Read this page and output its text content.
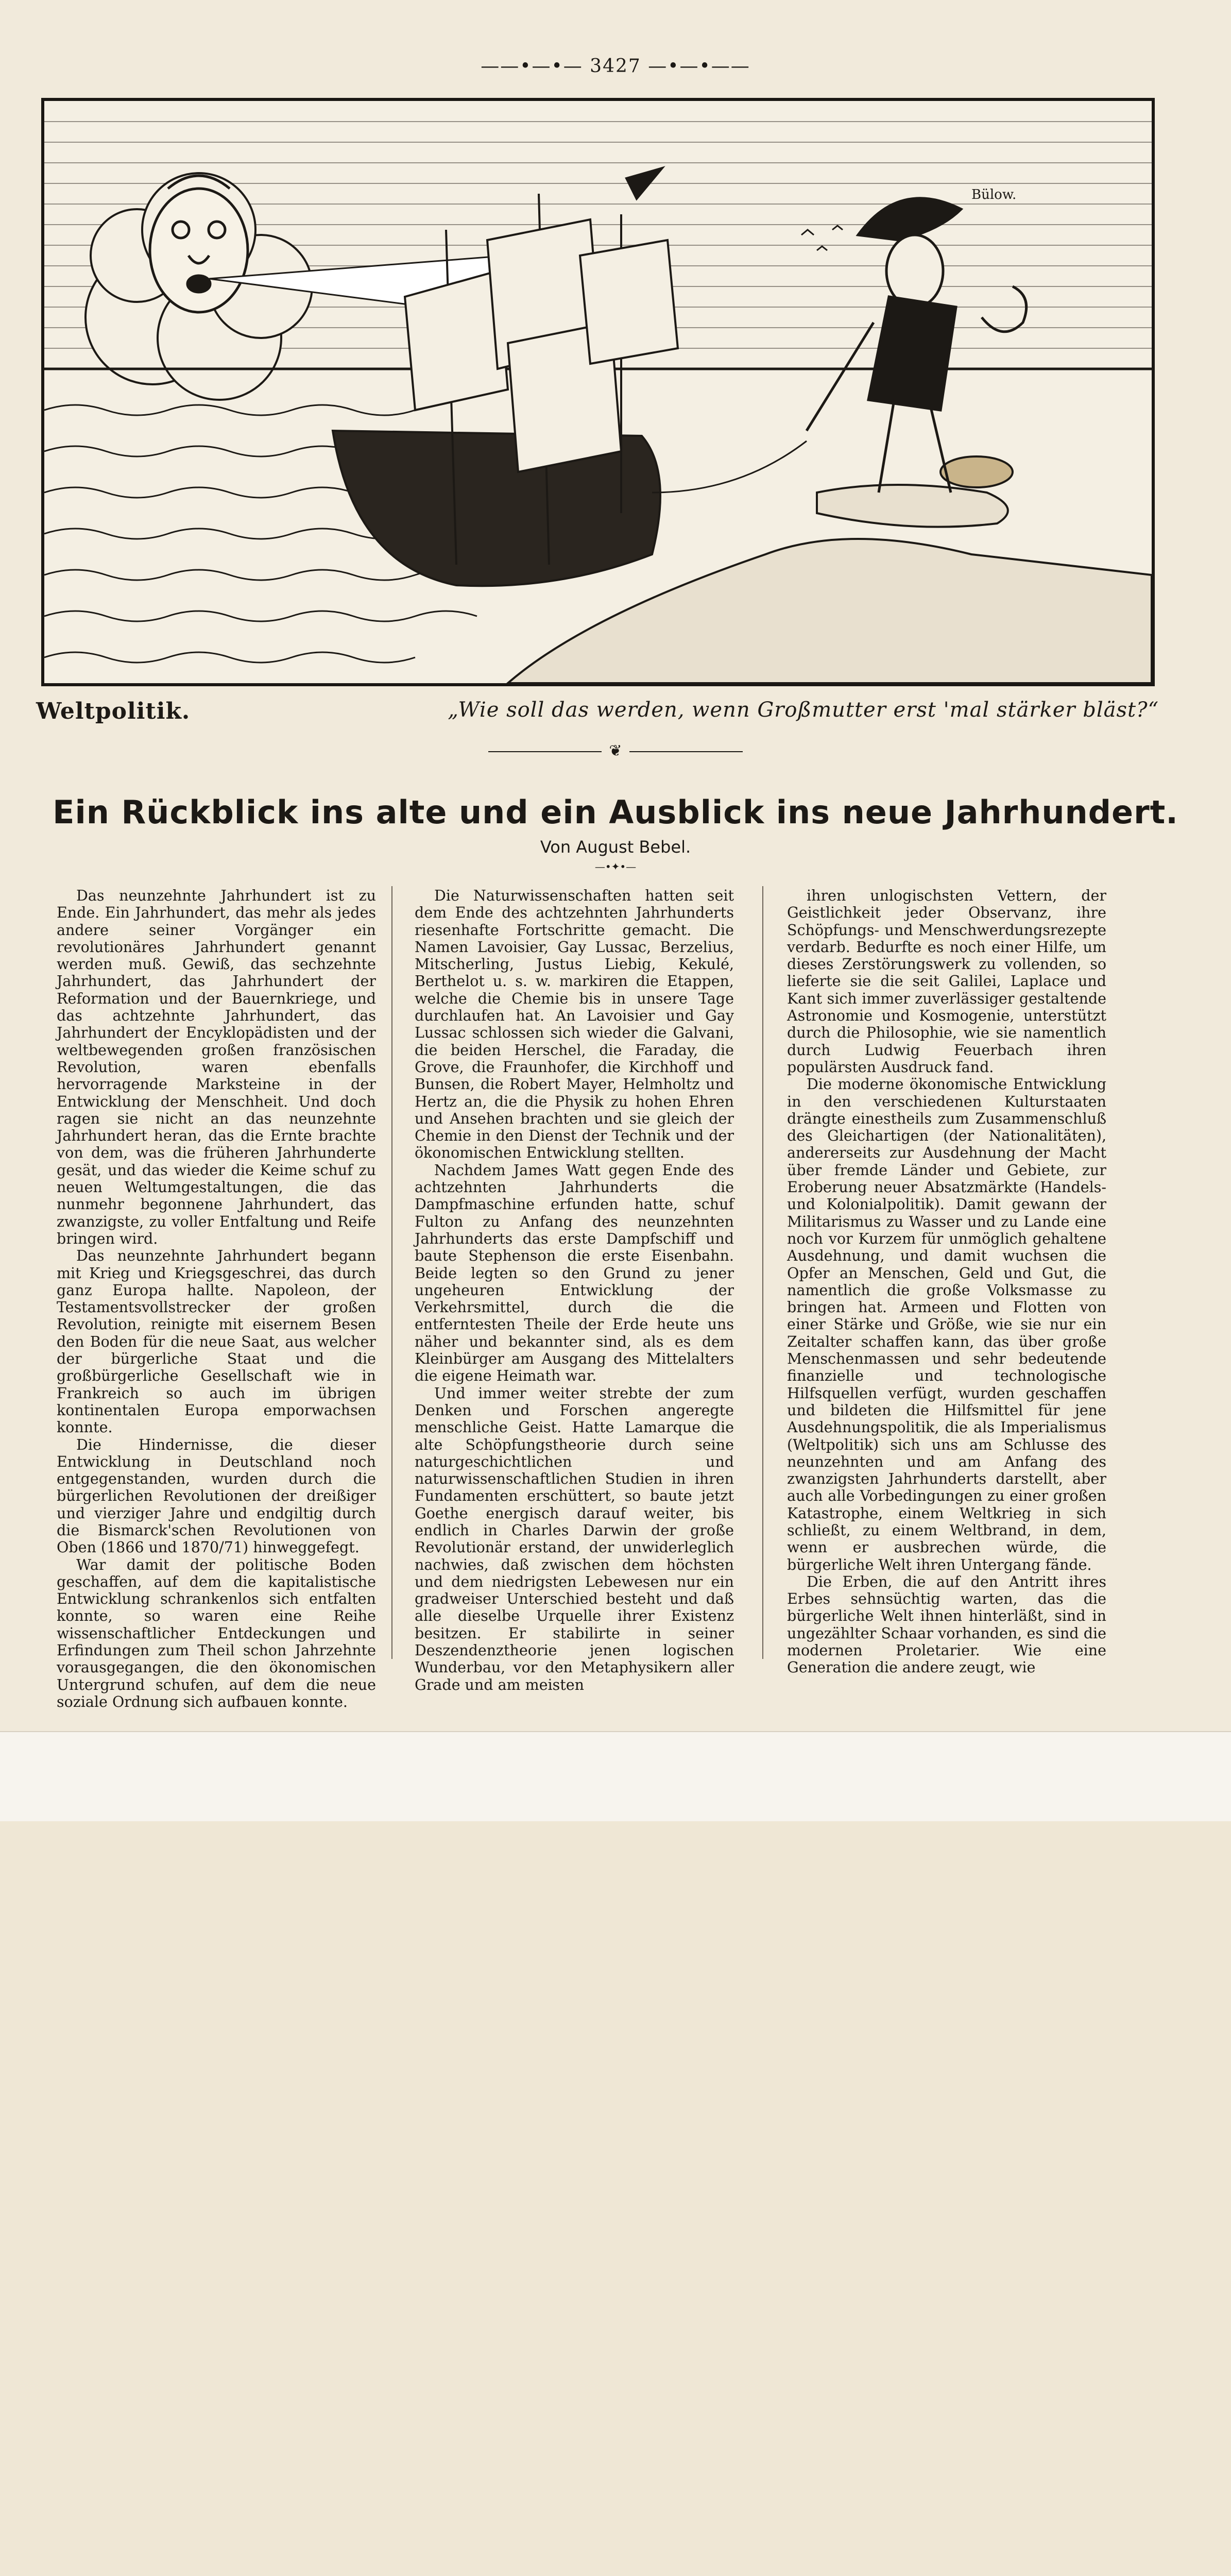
——•—•— 3427 —•—•——
Bülow.
Weltpolitik.	„Wie soll das werden, wenn Großmutter erst 'mal stärker bläst?“
❦
Ein Rückblick ins alte und ein Ausblick ins neue Jahrhundert.
Von August Bebel.
—•✦•—

Das neunzehnte Jahrhundert ist zu Ende. Ein Jahrhundert, das mehr als jedes andere seiner Vorgänger ein revolutionäres Jahrhundert genannt werden muß. Gewiß, das sechzehnte Jahrhundert, das Jahrhundert der Reformation und der Bauernkriege, und das achtzehnte Jahrhundert, das Jahrhundert der Encyklopädisten und der weltbewegenden großen französischen Revolution, waren ebenfalls hervorragende Marksteine in der Entwicklung der Menschheit. Und doch ragen sie nicht an das neunzehnte Jahrhundert heran, das die Ernte brachte von dem, was die früheren Jahrhunderte gesät, und das wieder die Keime schuf zu neuen Weltumgestaltungen, die das nunmehr begonnene Jahrhundert, das zwanzigste, zu voller Entfaltung und Reife bringen wird.

Das neunzehnte Jahrhundert begann mit Krieg und Kriegsgeschrei, das durch ganz Europa hallte. Napoleon, der Testamentsvollstrecker der großen Revolution, reinigte mit eisernem Besen den Boden für die neue Saat, aus welcher der bürgerliche Staat und die großbürgerliche Gesellschaft wie in Frankreich so auch im übrigen kontinentalen Europa emporwachsen konnte.

Die Hindernisse, die dieser Entwicklung in Deutschland noch entgegenstanden, wurden durch die bürgerlichen Revolutionen der dreißiger und vierziger Jahre und endgiltig durch die Bismarck'schen Revolutionen von Oben (1866 und 1870/71) hinweggefegt.

War damit der politische Boden geschaffen, auf dem die kapitalistische Entwicklung schrankenlos sich entfalten konnte, so waren eine Reihe wissenschaftlicher Entdeckungen und Erfindungen zum Theil schon Jahrzehnte vorausgegangen, die den ökonomischen Untergrund schufen, auf dem die neue soziale Ordnung sich aufbauen konnte.

Die Naturwissenschaften hatten seit dem Ende des achtzehnten Jahrhunderts riesenhafte Fortschritte gemacht. Die Namen Lavoisier, Gay Lussac, Berzelius, Mitscherling, Justus Liebig, Kekulé, Berthelot u. s. w. markiren die Etappen, welche die Chemie bis in unsere Tage durchlaufen hat. An Lavoisier und Gay Lussac schlossen sich wieder die Galvani, die beiden Herschel, die Faraday, die Grove, die Fraunhofer, die Kirchhoff und Bunsen, die Robert Mayer, Helmholtz und Hertz an, die die Physik zu hohen Ehren und Ansehen brachten und sie gleich der Chemie in den Dienst der Technik und der ökonomischen Entwicklung stellten.

Nachdem James Watt gegen Ende des achtzehnten Jahrhunderts die Dampfmaschine erfunden hatte, schuf Fulton zu Anfang des neunzehnten Jahrhunderts das erste Dampfschiff und baute Stephenson die erste Eisenbahn. Beide legten so den Grund zu jener ungeheuren Entwicklung der Verkehrsmittel, durch die die entferntesten Theile der Erde heute uns näher und bekannter sind, als es dem Kleinbürger am Ausgang des Mittelalters die eigene Heimath war.

Und immer weiter strebte der zum Denken und Forschen angeregte menschliche Geist. Hatte Lamarque die alte Schöpfungstheorie durch seine naturgeschichtlichen und naturwissenschaftlichen Studien in ihren Fundamenten erschüttert, so baute jetzt Goethe energisch darauf weiter, bis endlich in Charles Darwin der große Revolutionär erstand, der unwiderleglich nachwies, daß zwischen dem höchsten und dem niedrigsten Lebewesen nur ein gradweiser Unterschied besteht und daß alle dieselbe Urquelle ihrer Existenz besitzen. Er stabilirte in seiner Deszendenztheorie jenen logischen Wunderbau, vor den Metaphysikern aller Grade und am meisten

ihren unlogischsten Vettern, der Geistlichkeit jeder Observanz, ihre Schöpfungs- und Menschwerdungsrezepte verdarb. Bedurfte es noch einer Hilfe, um dieses Zerstörungswerk zu vollenden, so lieferte sie die seit Galilei, Laplace und Kant sich immer zuverlässiger gestaltende Astronomie und Kosmogenie, unterstützt durch die Philosophie, wie sie namentlich durch Ludwig Feuerbach ihren populärsten Ausdruck fand.

Die moderne ökonomische Entwicklung in den verschiedenen Kulturstaaten drängte einestheils zum Zusammenschluß des Gleichartigen (der Nationalitäten), andererseits zur Ausdehnung der Macht über fremde Länder und Gebiete, zur Eroberung neuer Absatzmärkte (Handels- und Kolonialpolitik). Damit gewann der Militarismus zu Wasser und zu Lande eine noch vor Kurzem für unmöglich gehaltene Ausdehnung, und damit wuchsen die Opfer an Menschen, Geld und Gut, die namentlich die große Volksmasse zu bringen hat. Armeen und Flotten von einer Stärke und Größe, wie sie nur ein Zeitalter schaffen kann, das über große Menschenmassen und sehr bedeutende finanzielle und technologische Hilfsquellen verfügt, wurden geschaffen und bildeten die Hilfsmittel für jene Ausdehnungspolitik, die als Imperialismus (Weltpolitik) sich uns am Schlusse des neunzehnten und am Anfang des zwanzigsten Jahrhunderts darstellt, aber auch alle Vorbedingungen zu einer großen Katastrophe, einem Weltkrieg in sich schließt, zu einem Weltbrand, in dem, wenn er ausbrechen würde, die bürgerliche Welt ihren Untergang fände.

Die Erben, die auf den Antritt ihres Erbes sehnsüchtig warten, das die bürgerliche Welt ihnen hinterläßt, sind in ungezählter Schaar vorhanden, es sind die modernen Proletarier. Wie eine Generation die andere zeugt, wie
